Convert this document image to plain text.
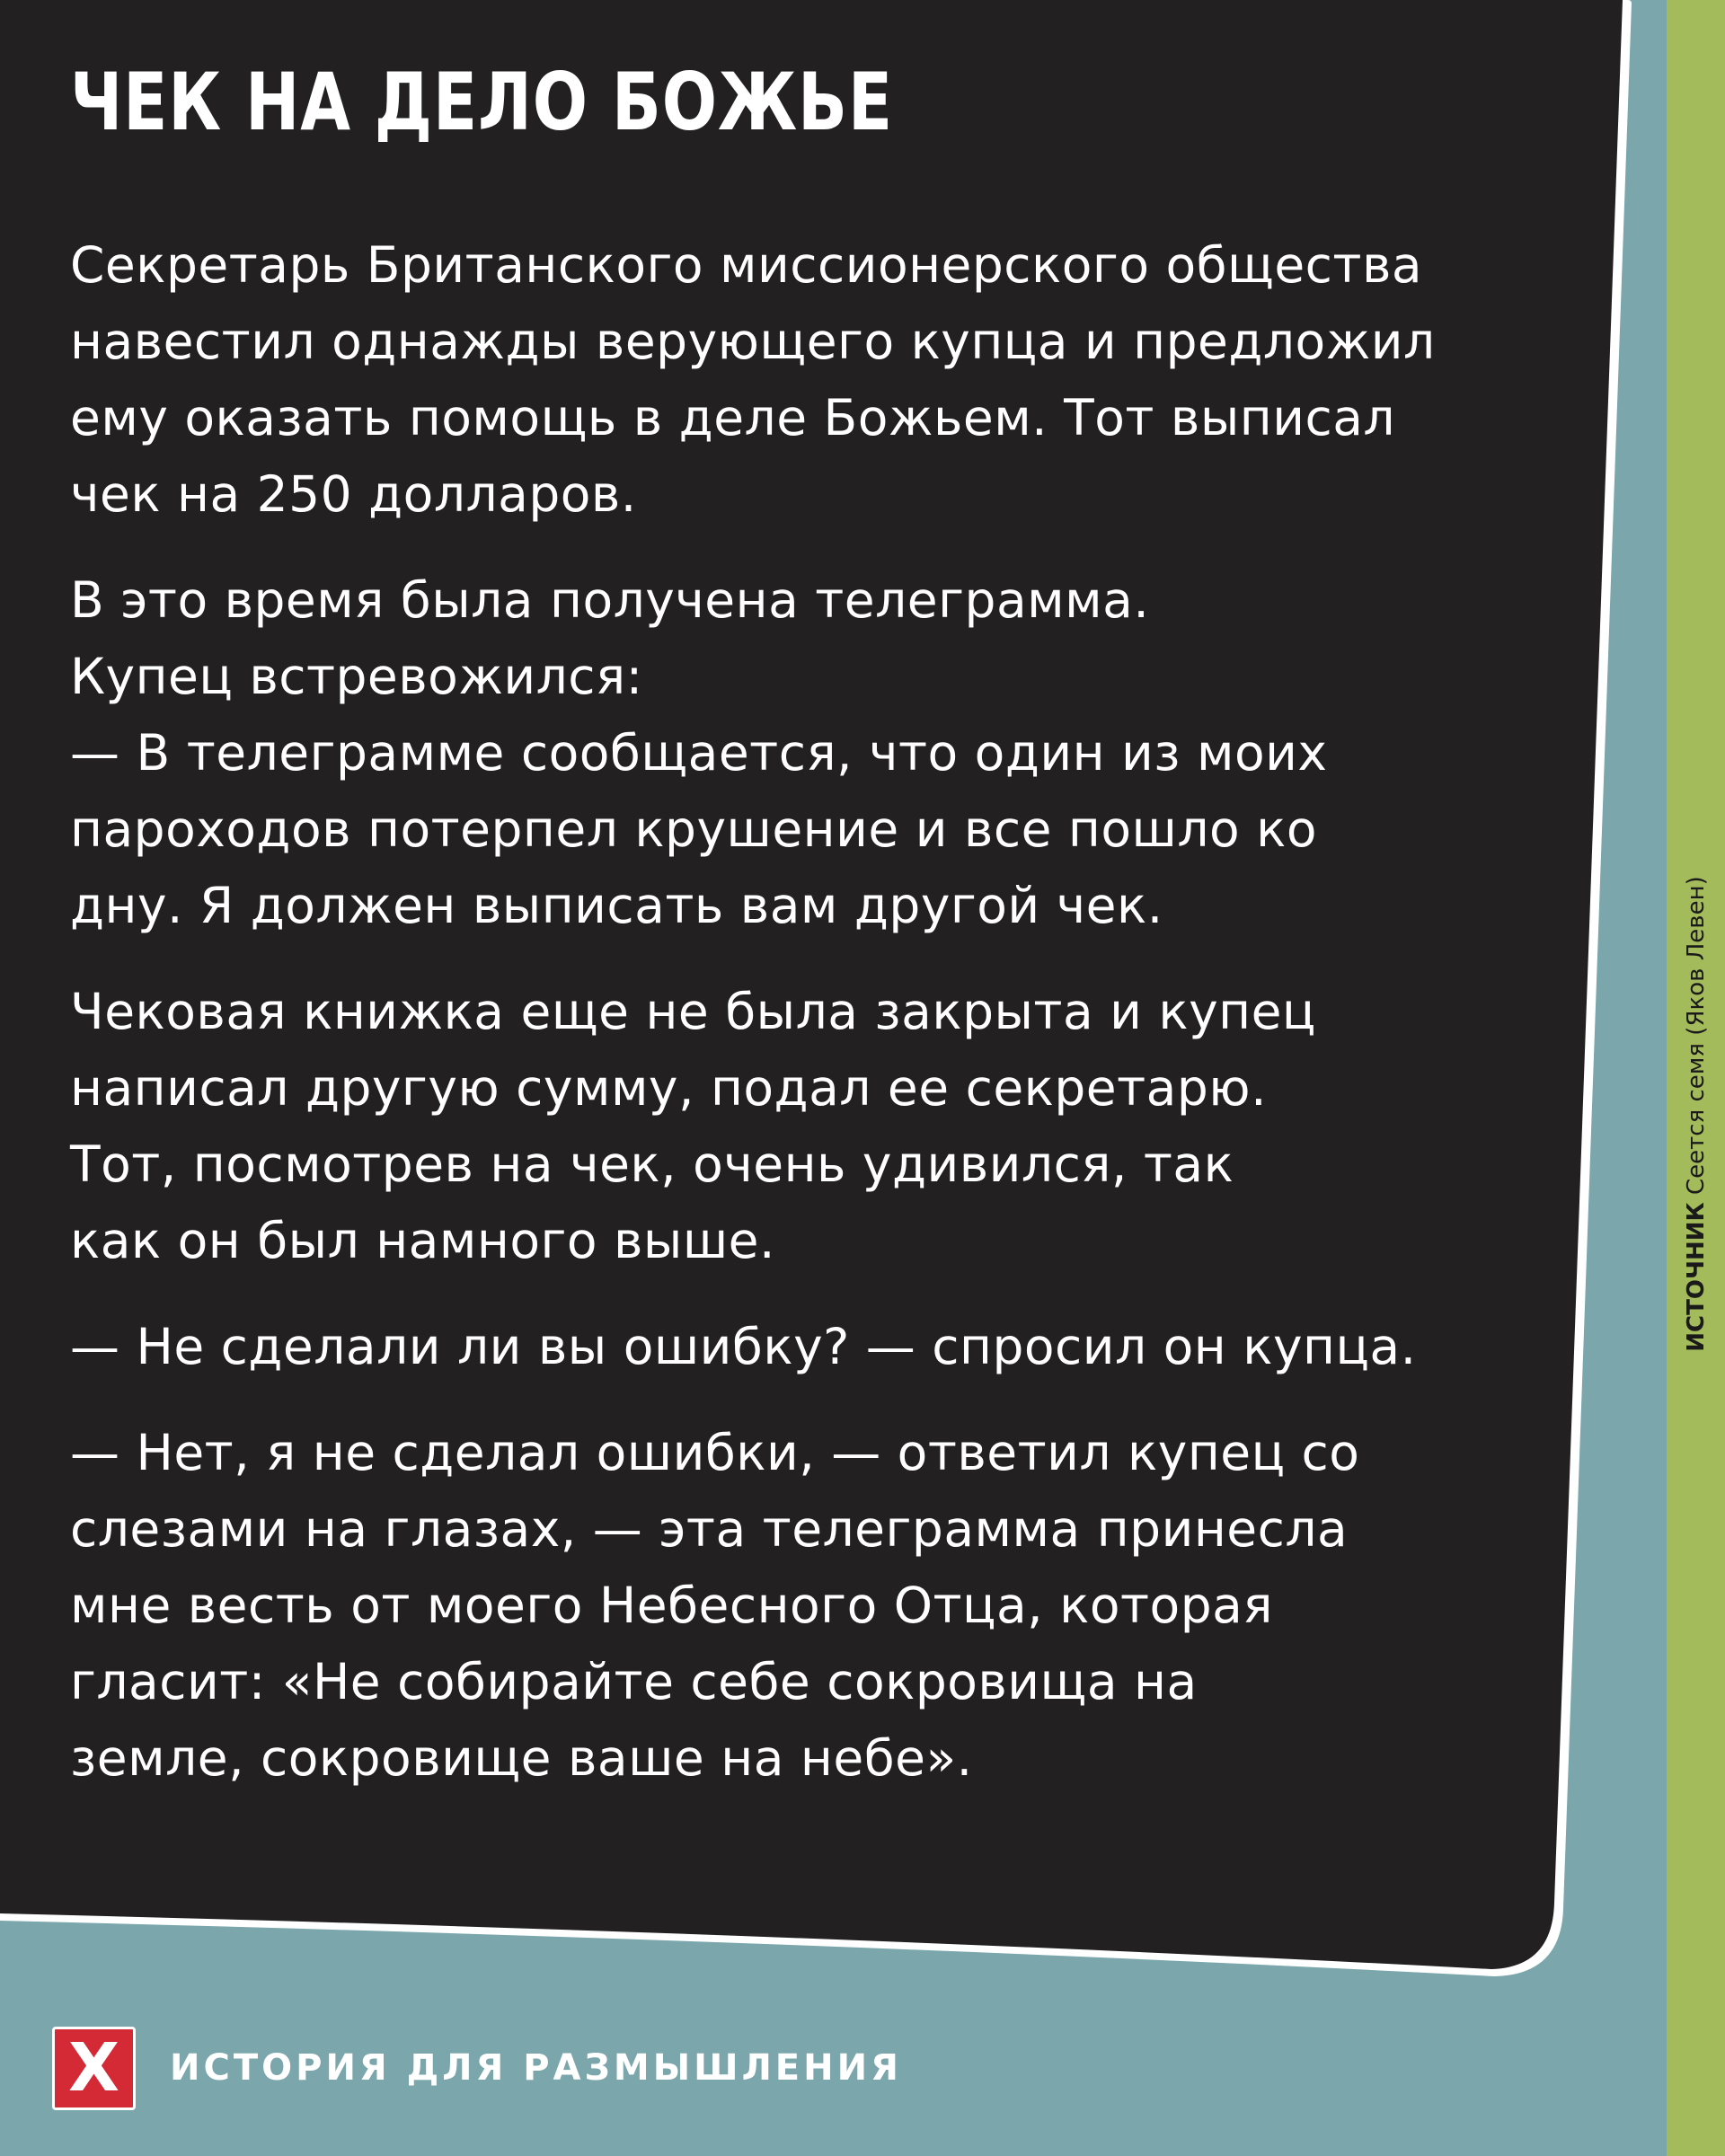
ЧЕК НА ДЕЛО БОЖЬЕ
Секретарь Британского миссионерского общества
навестил однажды верующего купца и предложил
ему оказать помощь в деле Божьем. Тот выписал
чек на 250 долларов.
В это время была получена телеграмма.
Купец встревожился:
— В телеграмме сообщается, что один из моих
пароходов потерпел крушение и все пошло ко
дну. Я должен выписать вам другой чек.
Чековая книжка еще не была закрыта и купец
написал другую сумму, подал ее секретарю.
Тот, посмотрев на чек, очень удивился, так
как он был намного выше.
— Не сделали ли вы ошибку? — спросил он купца.
— Нет, я не сделал ошибки, — ответил купец со
слезами на глазах, — эта телеграмма принесла
мне весть от моего Небесного Отца, которая
гласит: «Не собирайте себе сокровища на
земле, сокровище ваше на небе».
X ИСТОРИЯ ДЛЯ РАЗМЫШЛЕНИЯ
ИСТОЧНИК Сеется семя (Яков Левен)
